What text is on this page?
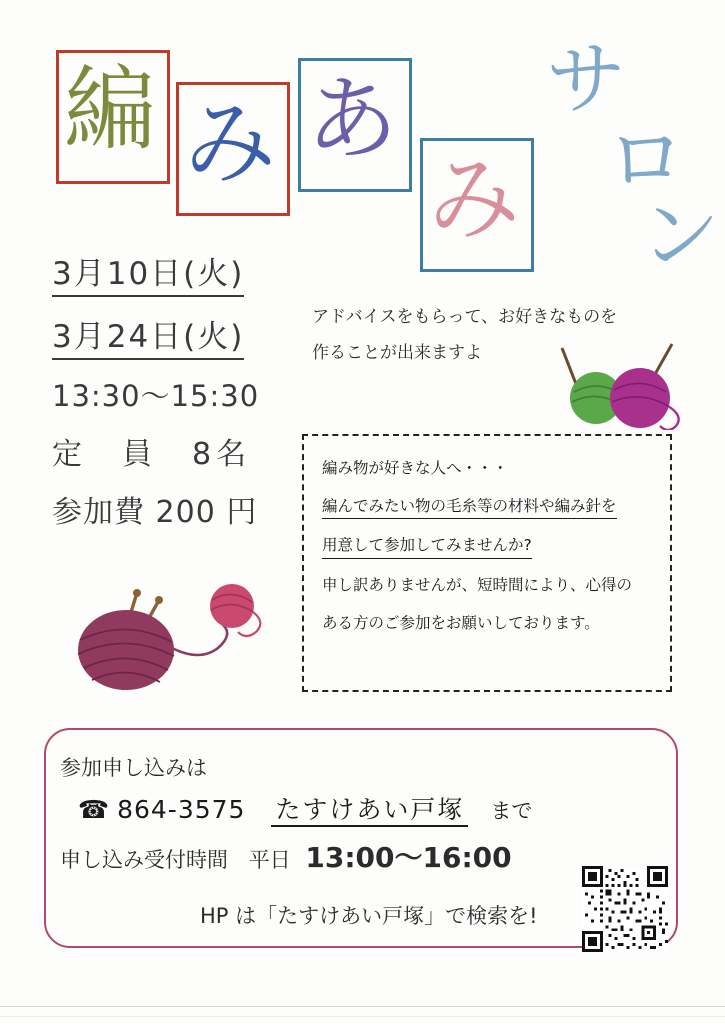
編 み あ
み
サ
ロ
ン
3月10日(火)
3月24日(火)
13:30〜15:30
定　員　8名
参加費 200 円
アドバイスをもらって、お好きなものを
作ることが出来ますよ

編み物が好きな人へ・・・

編んでみたい物の毛糸等の材料や編み針を

用意して参加してみませんか?

申し訳ありませんが、短時間により、心得の

ある方のご参加をお願いしております。

参加申し込みは
☎ 864-3575 たすけあい戸塚 まで
申し込み受付時間 平日 13:00〜16:00
HP は「たすけあい戸塚」で検索を!
